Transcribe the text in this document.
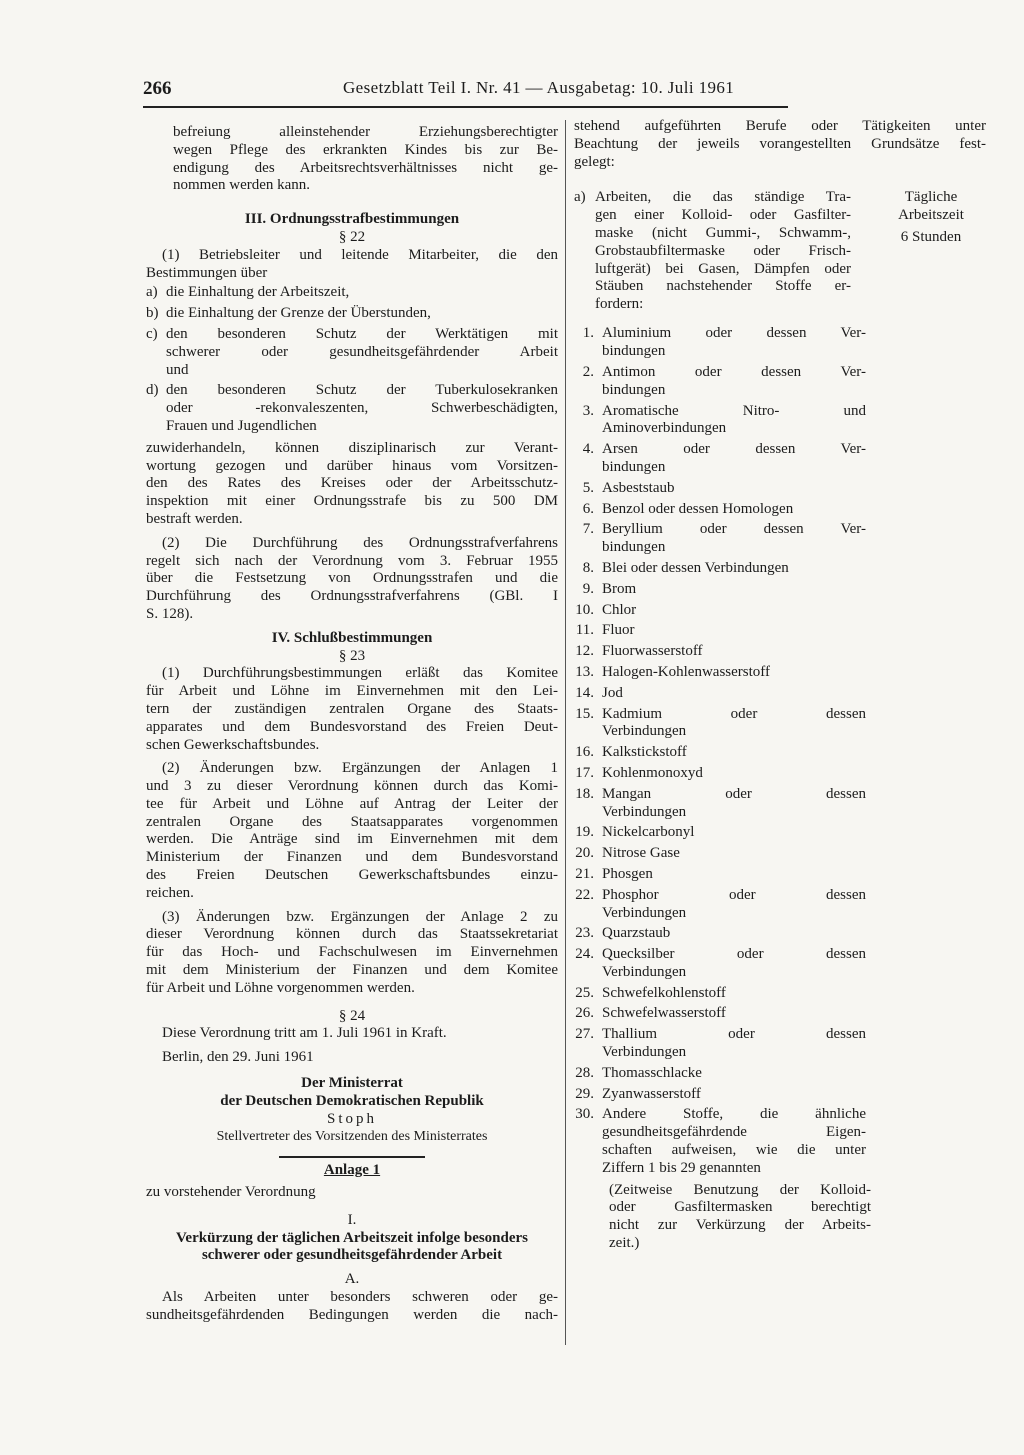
266	Gesetzblatt Teil I. Nr. 41 — Ausgabetag: 10. Juli 1961
befreiung alleinstehender Erziehungsberechtigter
wegen Pflege des erkrankten Kindes bis zur Be-
endigung des Arbeitsrechtsverhältnisses nicht ge-
nommen werden kann.
III. Ordnungsstrafbestimmungen
§ 22
(1) Betriebsleiter und leitende Mitarbeiter, die den
Bestimmungen über
a) die Einhaltung der Arbeitszeit,
b) die Einhaltung der Grenze der Überstunden,
c) den besonderen Schutz der Werktätigen mit
schwerer oder gesundheitsgefährdender Arbeit
und
d) den besonderen Schutz der Tuberkulosekranken
oder -rekonvaleszenten, Schwerbeschädigten,
Frauen und Jugendlichen
zuwiderhandeln, können disziplinarisch zur Verant-
wortung gezogen und darüber hinaus vom Vorsitzen-
den des Rates des Kreises oder der Arbeitsschutz-
inspektion mit einer Ordnungsstrafe bis zu 500 DM
bestraft werden.
(2) Die Durchführung des Ordnungsstrafverfahrens
regelt sich nach der Verordnung vom 3. Februar 1955
über die Festsetzung von Ordnungsstrafen und die
Durchführung des Ordnungsstrafverfahrens (GBl. I
S. 128).
IV. Schlußbestimmungen
§ 23
(1) Durchführungsbestimmungen erläßt das Komitee
für Arbeit und Löhne im Einvernehmen mit den Lei-
tern der zuständigen zentralen Organe des Staats-
apparates und dem Bundesvorstand des Freien Deut-
schen Gewerkschaftsbundes.
(2) Änderungen bzw. Ergänzungen der Anlagen 1
und 3 zu dieser Verordnung können durch das Komi-
tee für Arbeit und Löhne auf Antrag der Leiter der
zentralen Organe des Staatsapparates vorgenommen
werden. Die Anträge sind im Einvernehmen mit dem
Ministerium der Finanzen und dem Bundesvorstand
des Freien Deutschen Gewerkschaftsbundes einzu-
reichen.
(3) Änderungen bzw. Ergänzungen der Anlage 2 zu
dieser Verordnung können durch das Staatssekretariat
für das Hoch- und Fachschulwesen im Einvernehmen
mit dem Ministerium der Finanzen und dem Komitee
für Arbeit und Löhne vorgenommen werden.
§ 24
Diese Verordnung tritt am 1. Juli 1961 in Kraft.
Berlin, den 29. Juni 1961
Der Ministerrat
der Deutschen Demokratischen Republik
Stoph
Stellvertreter des Vorsitzenden des Ministerrates
Anlage 1
zu vorstehender Verordnung
I.
Verkürzung der täglichen Arbeitszeit infolge besonders
schwerer oder gesundheitsgefährdender Arbeit
A.
Als Arbeiten unter besonders schweren oder ge-
sundheitsgefährdenden Bedingungen werden die nach-
stehend aufgeführten Berufe oder Tätigkeiten unter
Beachtung der jeweils vorangestellten Grundsätze fest-
gelegt:
a) Arbeiten, die das ständige Tra-
gen einer Kolloid- oder Gasfilter-
maske (nicht Gummi-, Schwamm-,
Grobstaubfiltermaske oder Frisch-
luftgerät) bei Gasen, Dämpfen oder
Stäuben nachstehender Stoffe er-
fordern:
Tägliche
Arbeitszeit
6 Stunden
1. Aluminium oder dessen Ver-
bindungen
2. Antimon oder dessen Ver-
bindungen
3. Aromatische Nitro- und
Aminoverbindungen
4. Arsen oder dessen Ver-
bindungen
5. Asbeststaub
6. Benzol oder dessen Homologen
7. Beryllium oder dessen Ver-
bindungen
8. Blei oder dessen Verbindungen
9. Brom
10. Chlor
11. Fluor
12. Fluorwasserstoff
13. Halogen-Kohlenwasserstoff
14. Jod
15. Kadmium oder dessen
Verbindungen
16. Kalkstickstoff
17. Kohlenmonoxyd
18. Mangan oder dessen
Verbindungen
19. Nickelcarbonyl
20. Nitrose Gase
21. Phosgen
22. Phosphor oder dessen
Verbindungen
23. Quarzstaub
24. Quecksilber oder dessen
Verbindungen
25. Schwefelkohlenstoff
26. Schwefelwasserstoff
27. Thallium oder dessen
Verbindungen
28. Thomasschlacke
29. Zyanwasserstoff
30. Andere Stoffe, die ähnliche
gesundheitsgefährdende Eigen-
schaften aufweisen, wie die unter
Ziffern 1 bis 29 genannten
(Zeitweise Benutzung der Kolloid-
oder Gasfiltermasken berechtigt
nicht zur Verkürzung der Arbeits-
zeit.)
